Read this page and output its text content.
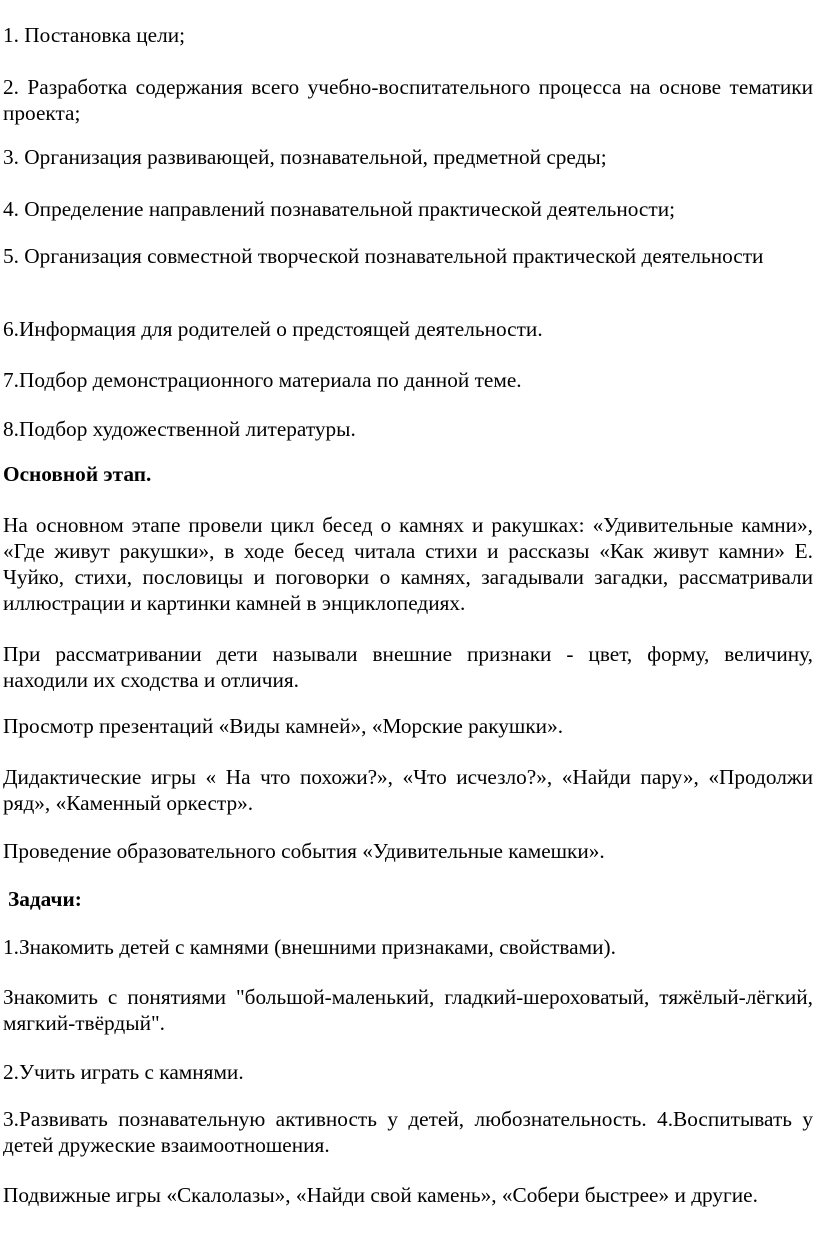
1. Постановка цели;

2. Разработка содержания всего учебно-воспитательного процесса на основе тематики проекта;

3. Организация развивающей, познавательной, предметной среды;

4. Определение направлений познавательной практической деятельности;

5. Организация совместной творческой познавательной практической деятельности

6.Информация для родителей о предстоящей деятельности.

7.Подбор демонстрационного материала по данной теме.

8.Подбор художественной литературы.

Основной этап.

На основном этапе провели цикл бесед о камнях и ракушках: «Удивительные камни», «Где живут ракушки», в ходе бесед читала стихи и рассказы «Как живут камни» Е. Чуйко, стихи, пословицы и поговорки о камнях, загадывали загадки, рассматривали иллюстрации и картинки камней в энциклопедиях.

При рассматривании дети называли внешние признаки - цвет, форму, величину, находили их сходства и отличия.

Просмотр презентаций «Виды камней», «Морские ракушки».

Дидактические игры « На что похожи?», «Что исчезло?», «Найди пару», «Продолжи ряд», «Каменный оркестр».

Проведение образовательного события «Удивительные камешки».

Задачи:

1.Знакомить детей с камнями (внешними признаками, свойствами).

Знакомить с понятиями "большой-маленький, гладкий-шероховатый, тяжёлый-лёгкий, мягкий-твёрдый".

2.Учить играть с камнями.

3.Развивать познавательную активность у детей, любознательность. 4.Воспитывать у детей дружеские взаимоотношения.

Подвижные игры «Скалолазы», «Найди свой камень», «Собери быстрее» и другие.
